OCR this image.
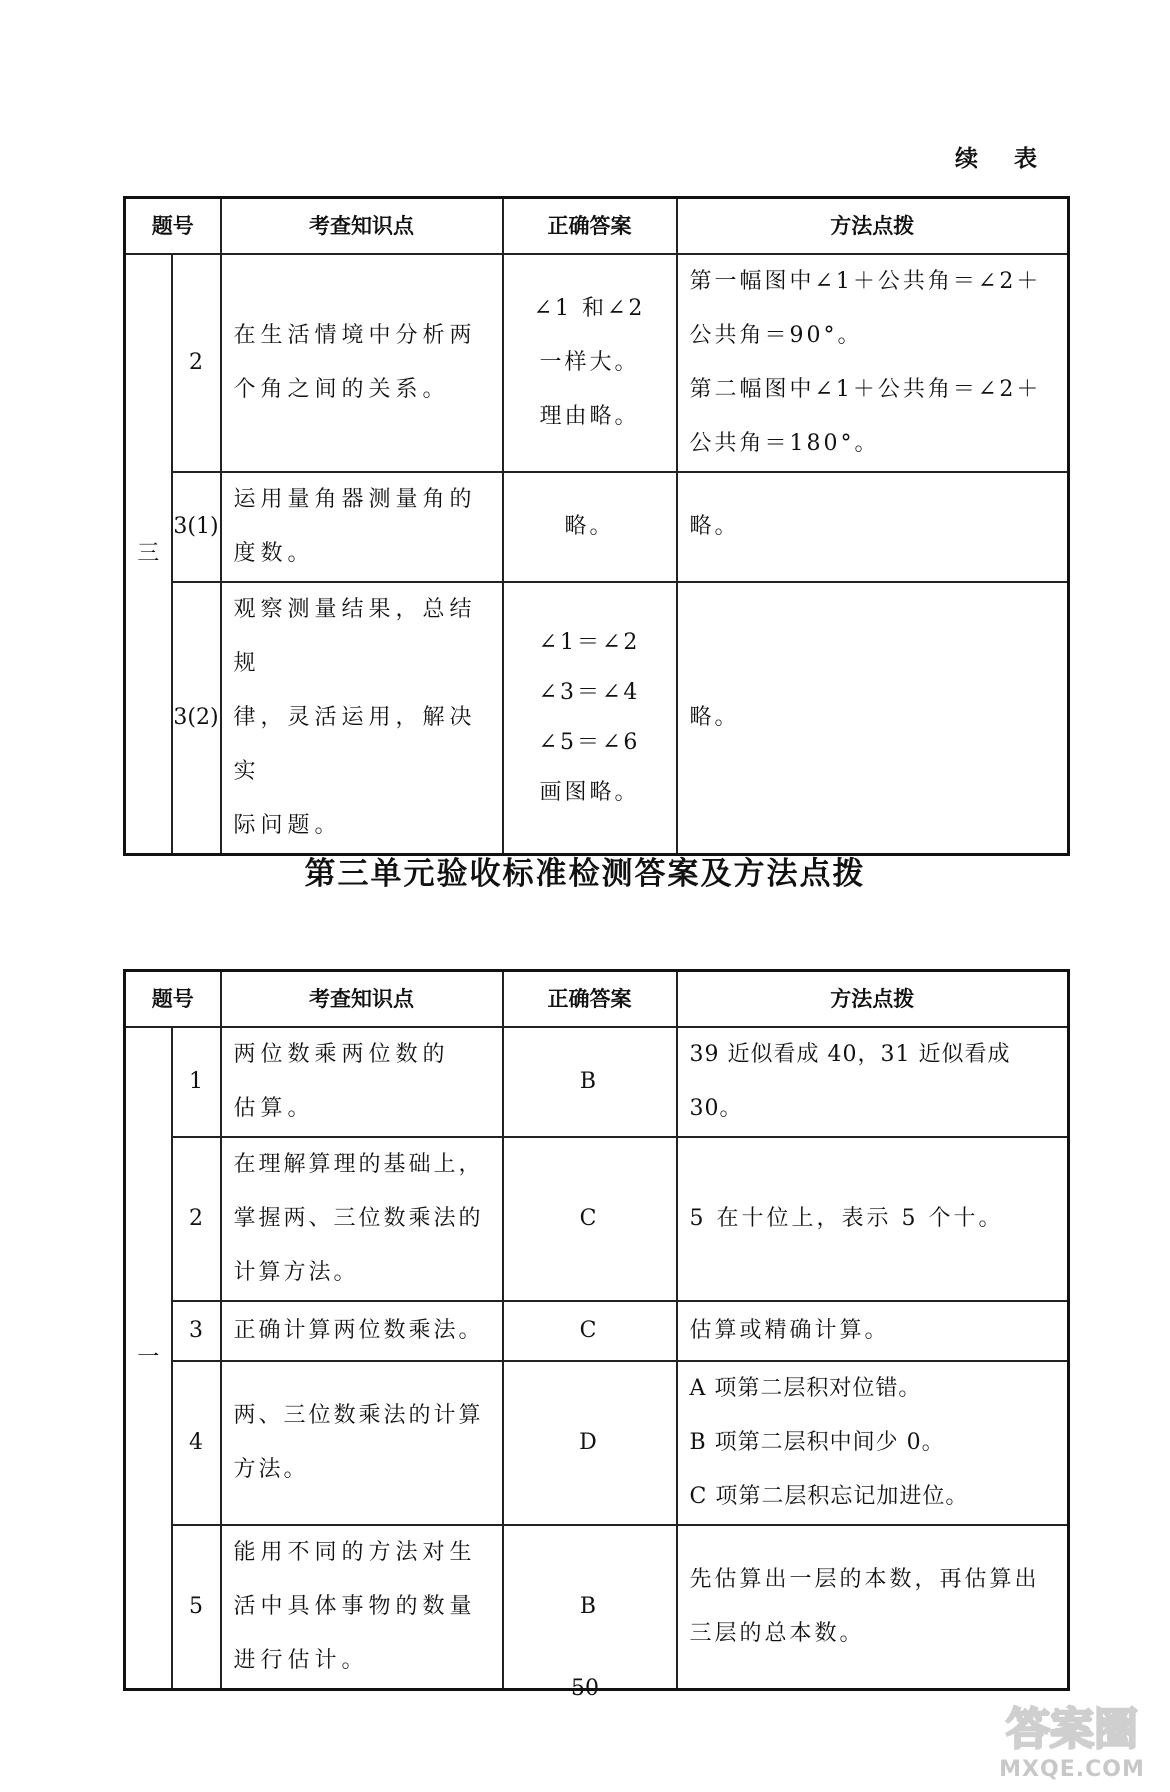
续 表
题号		考查知识点	正确答案	方法点拨
三	2	在生活情境中分析两
个角之间的关系。	∠1 和∠2
一样大。
理由略。	第一幅图中∠1＋公共角＝∠2＋
公共角＝90°。
第二幅图中∠1＋公共角＝∠2＋
公共角＝180°。

	3(1)	运用量角器测量角的
度数。	略。	略。

	3(2)	观察测量结果，总结规
律，灵活运用，解决实
际问题。	∠1＝∠2
∠3＝∠4
∠5＝∠6
画图略。	略。
第三单元验收标准检测答案及方法点拨
题号		考查知识点	正确答案	方法点拨
一	1	两位数乘两位数的
估算。	B	39 近似看成 40，31 近似看成 30。

	2	在理解算理的基础上，
掌握两、三位数乘法的
计算方法。	C	5 在十位上，表示 5 个十。

	3	正确计算两位数乘法。	C	估算或精确计算。

	4	两、三位数乘法的计算
方法。	D	A 项第二层积对位错。
B 项第二层积中间少 0。
C 项第二层积忘记加进位。

	5	能用不同的方法对生
活中具体事物的数量
进行估计。	B	先估算出一层的本数，再估算出
三层的总本数。
50
答案圈
MXQE.COM
